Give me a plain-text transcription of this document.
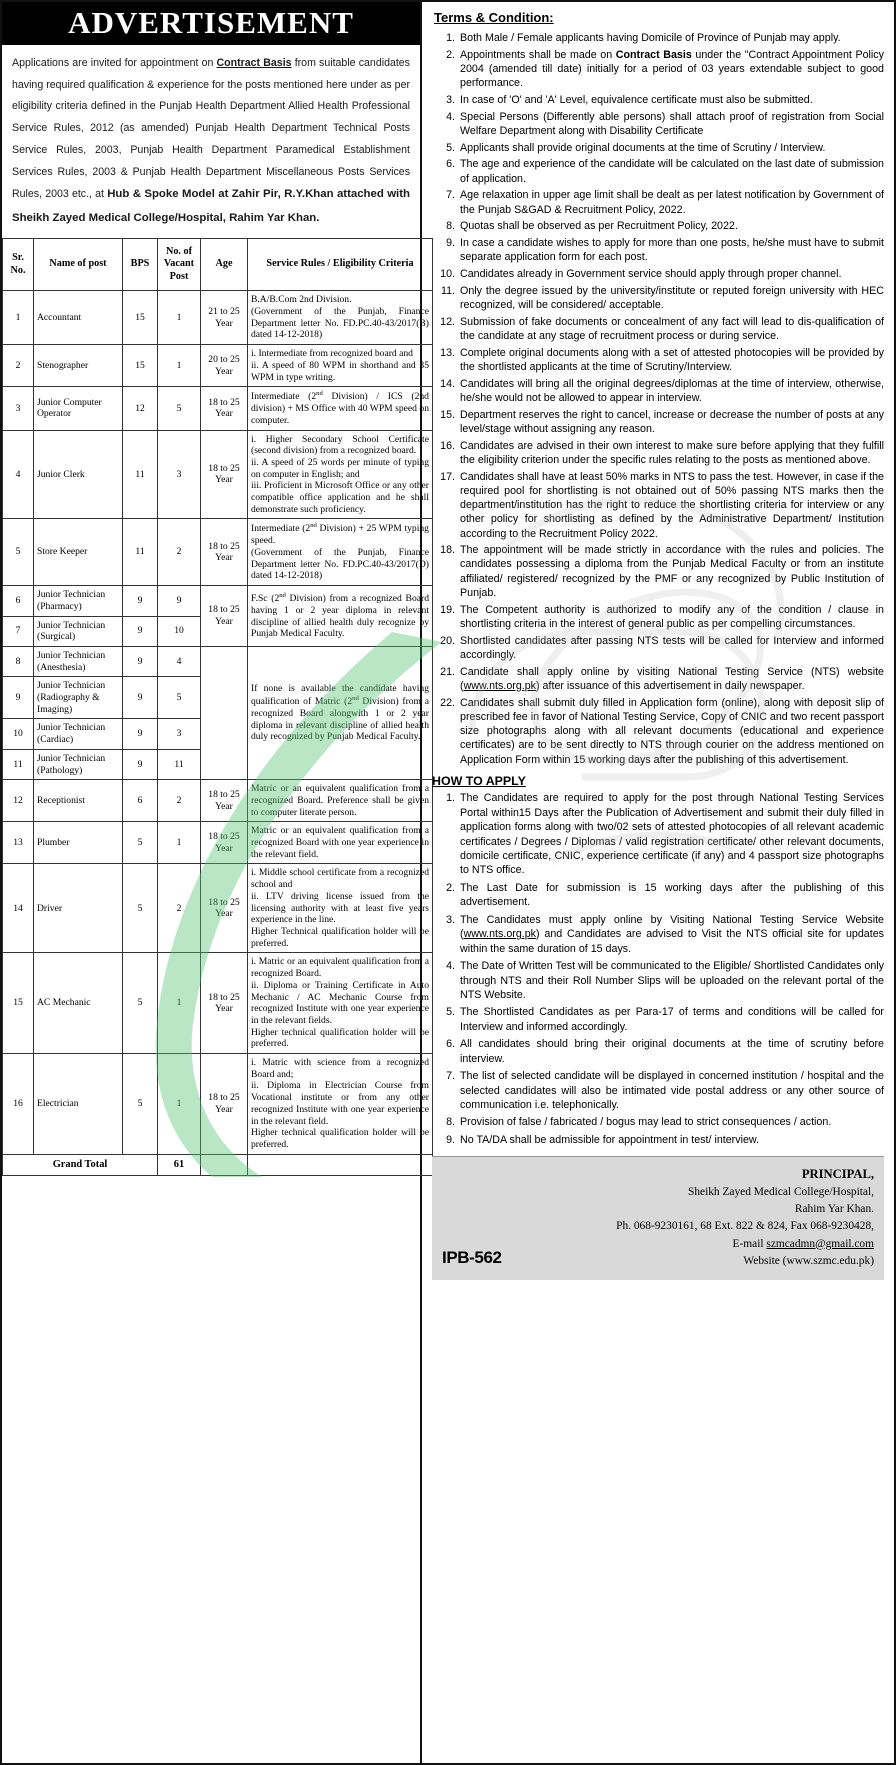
ADVERTISEMENT
Applications are invited for appointment on Contract Basis from suitable candidates having required qualification & experience for the posts mentioned here under as per eligibility criteria defined in the Punjab Health Department Allied Health Professional Service Rules, 2012 (as amended) Punjab Health Department Technical Posts Service Rules, 2003, Punjab Health Department Paramedical Establishment Services Rules, 2003 & Punjab Health Department Miscellaneous Posts Services Rules, 2003 etc., at Hub & Spoke Model at Zahir Pir, R.Y.Khan attached with Sheikh Zayed Medical College/Hospital, Rahim Yar Khan.
Sr. No.	Name of post	BPS	No. of Vacant Post	Age	Service Rules / Eligibility Criteria
1	Accountant	15	1	21 to 25 Year	B.A/B.Com 2nd Division.
(Government of the Punjab, Finance Department letter No. FD.PC.40-43/2017(B) dated 14-12-2018)

2	Stenographer	15	1	20 to 25 Year	i. Intermediate from recognized board and
ii. A speed of 80 WPM in shorthand and 35 WPM in type writing.

3	Junior Computer Operator	12	5	18 to 25 Year	Intermediate (2nd Division) / ICS (2nd division) + MS Office with 40 WPM speed on computer.
4	Junior Clerk	11	3	18 to 25 Year	i. Higher Secondary School Certificate (second division) from a recognized board.
ii. A speed of 25 words per minute of typing on computer in English; and
iii. Proficient in Microsoft Office or any other compatible office application and he shall demonstrate such proficiency.

5	Store Keeper	11	2	18 to 25 Year	Intermediate (2nd Division) + 25 WPM typing speed.
(Government of the Punjab, Finance Department letter No. FD.PC.40-43/2017(D) dated 14-12-2018)

6	Junior Technician (Pharmacy)	9	9	18 to 25 Year	F.Sc (2nd Division) from a recognized Board having 1 or 2 year diploma in relevant discipline of allied health duly recognize by Punjab Medical Faculty.
7	Junior Technician (Surgical)	9	10		
8	Junior Technician (Anesthesia)	9	4		If none is available the candidate having qualification of Matric (2nd Division) from a recognized Board alongwith 1 or 2 year diploma in relevant discipline of allied health duly recognized by Punjab Medical Faculty.
9	Junior Technician (Radiography & Imaging)	9	5		
10	Junior Technician (Cardiac)	9	3		
11	Junior Technician (Pathology)	9	11		
12	Receptionist	6	2	18 to 25 Year	Matric or an equivalent qualification from a recognized Board. Preference shall be given to computer literate person.
13	Plumber	5	1	18 to 25 Year	Matric or an equivalent qualification from a recognized Board with one year experience in the relevant field.
14	Driver	5	2	18 to 25 Year	i. Middle school certificate from a recognized school and
ii. LTV driving license issued from the licensing authority with at least five years experience in the line.
Higher Technical qualification holder will be preferred.

15	AC Mechanic	5	1	18 to 25 Year	i. Matric or an equivalent qualification from a recognized Board.
ii. Diploma or Training Certificate in Auto Mechanic / AC Mechanic Course from recognized Institute with one year experience in the relevant fields.
Higher technical qualification holder will be preferred.

16	Electrician	5	1	18 to 25 Year	i. Matric with science from a recognized Board and;
ii. Diploma in Electrician Course from Vocational institute or from any other recognized Institute with one year experience in the relevant field.
Higher technical qualification holder will be preferred.

Grand Total			61		
Terms & Condition:
1. Both Male / Female applicants having Domicile of Province of Punjab may apply.
2. Appointments shall be made on Contract Basis under the "Contract Appointment Policy 2004 (amended till date) initially for a period of 03 years extendable subject to good performance.
3. In case of 'O' and 'A' Level, equivalence certificate must also be submitted.
4. Special Persons (Differently able persons) shall attach proof of registration from Social Welfare Department along with Disability Certificate
5. Applicants shall provide original documents at the time of Scrutiny / Interview.
6. The age and experience of the candidate will be calculated on the last date of submission of application.
7. Age relaxation in upper age limit shall be dealt as per latest notification by Government of the Punjab S&GAD & Recruitment Policy, 2022.
8. Quotas shall be observed as per Recruitment Policy, 2022.
9. In case a candidate wishes to apply for more than one posts, he/she must have to submit separate application form for each post.
10. Candidates already in Government service should apply through proper channel.
11. Only the degree issued by the university/institute or reputed foreign university with HEC recognized, will be considered/ acceptable.
12. Submission of fake documents or concealment of any fact will lead to dis-qualification of the candidate at any stage of recruitment process or during service.
13. Complete original documents along with a set of attested photocopies will be provided by the shortlisted applicants at the time of Scrutiny/Interview.
14. Candidates will bring all the original degrees/diplomas at the time of interview, otherwise, he/she would not be allowed to appear in interview.
15. Department reserves the right to cancel, increase or decrease the number of posts at any level/stage without assigning any reason.
16. Candidates are advised in their own interest to make sure before applying that they fulfill the eligibility criterion under the specific rules relating to the posts as mentioned above.
17. Candidates shall have at least 50% marks in NTS to pass the test. However, in case if the required pool for shortlisting is not obtained out of 50% passing NTS marks then the department/institution has the right to reduce the shortlisting criteria for interview or any other policy for shortlisting as defined by the Administrative Department/ Institution according to the Recruitment Policy 2022.
18. The appointment will be made strictly in accordance with the rules and policies. The candidates possessing a diploma from the Punjab Medical Faculty or from an institute affiliated/ registered/ recognized by the PMF or any recognized by Public Institution of Punjab.
19. The Competent authority is authorized to modify any of the condition / clause in shortlisting criteria in the interest of general public as per compelling circumstances.
20. Shortlisted candidates after passing NTS tests will be called for Interview and informed accordingly.
21. Candidate shall apply online by visiting National Testing Service (NTS) website (www.nts.org.pk) after issuance of this advertisement in daily newspaper.
22. Candidates shall submit duly filled in Application form (online), along with deposit slip of prescribed fee in favor of National Testing Service, Copy of CNIC and two recent passport size photographs along with all relevant documents (educational and experience certificates) are to be sent directly to NTS through courier on the address mentioned on Application Form within 15 working days after the publishing of this advertisement.
HOW TO APPLY
1. The Candidates are required to apply for the post through National Testing Services Portal within15 Days after the Publication of Advertisement and submit their duly filled in application forms along with two/02 sets of attested photocopies of all relevant academic certificates / Degrees / Diplomas / valid registration certificate/ other relevant documents, domicile certificate, CNIC, experience certificate (if any) and 4 passport size photographs to NTS office.
2. The Last Date for submission is 15 working days after the publishing of this advertisement.
3. The Candidates must apply online by Visiting National Testing Service Website (www.nts.org.pk) and Candidates are advised to Visit the NTS official site for updates within the same duration of 15 days.
4. The Date of Written Test will be communicated to the Eligible/ Shortlisted Candidates only through NTS and their Roll Number Slips will be uploaded on the relevant portal of the NTS Website.
5. The Shortlisted Candidates as per Para-17 of terms and conditions will be called for Interview and informed accordingly.
6. All candidates should bring their original documents at the time of scrutiny before interview.
7. The list of selected candidate will be displayed in concerned institution / hospital and the selected candidates will also be intimated vide postal address or any other source of communication i.e. telephonically.
8. Provision of false / fabricated / bogus may lead to strict consequences / action.
9. No TA/DA shall be admissible for appointment in test/ interview.
IPB-562
PRINCIPAL,
Sheikh Zayed Medical College/Hospital,
Rahim Yar Khan.
Ph. 068-9230161, 68 Ext. 822 & 824, Fax 068-9230428,
E-mail szmcadmn@gmail.com
Website (www.szmc.edu.pk)
